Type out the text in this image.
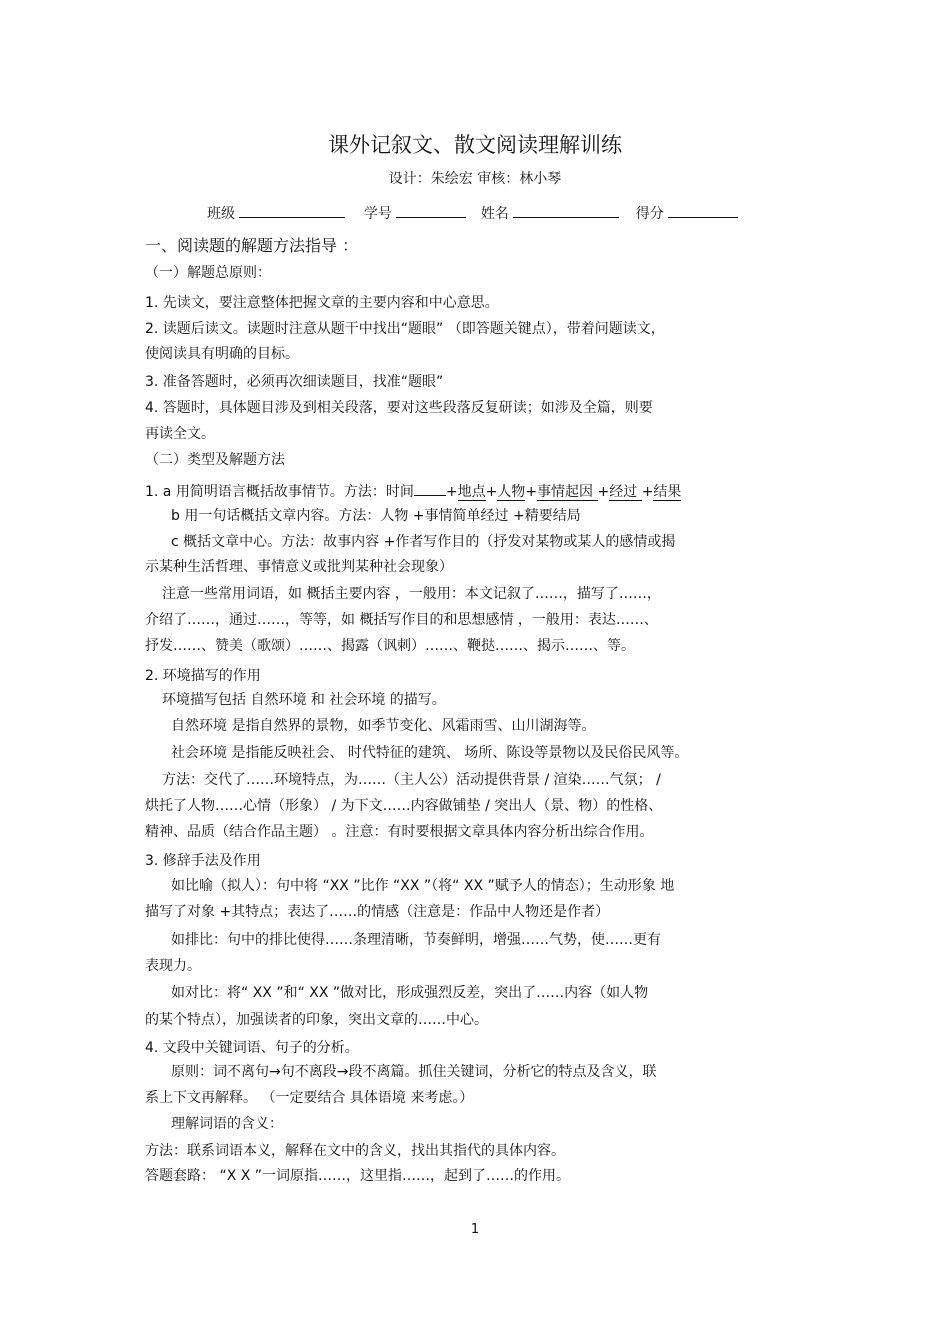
课外记叙文、散文阅读理解训练
设计：朱绘宏 审核：林小琴
班级	学号	姓名	得分
一、阅读题的解题方法指导 ：
（一）解题总原则：
1. 先读文，要注意整体把握文章的主要内容和中心意思。
2. 读题后读文。读题时注意从题干中找出“题眼” （即答题关键点），带着问题读文，
使阅读具有明确的目标。
3. 准备答题时，必须再次细读题目，找准“题眼”
4. 答题时，具体题目涉及到相关段落，要对这些段落反复研读；如涉及全篇，则要
再读全文。
（二）类型及解题方法
1. a 用简明语言概括故事情节。方法：时间 +地点+人物+事情起因 +经过 +结果
b 用一句话概括文章内容。方法：人物 +事情简单经过 +精要结局
c 概括文章中心。方法：故事内容 +作者写作目的（抒发对某物或某人的感情或揭
示某种生活哲理、事情意义或批判某种社会现象）
注意一些常用词语，如 概括主要内容 ，一般用：本文记叙了……，描写了……，
介绍了……，通过……，等等，如 概括写作目的和思想感情 ，一般用：表达……、
抒发……、赞美（歌颂）……、揭露（讽刺）……、鞭挞……、揭示……、等。
2. 环境描写的作用
环境描写包括 自然环境 和 社会环境 的描写。
自然环境 是指自然界的景物，如季节变化、风霜雨雪、山川湖海等。
社会环境 是指能反映社会、 时代特征的建筑、 场所、陈设等景物以及民俗民风等。
方法：交代了……环境特点，为……（主人公）活动提供背景 / 渲染……气氛； /
烘托了人物……心情（形象） / 为下文……内容做铺垫 / 突出人（景、物）的性格、
精神、品质（结合作品主题） 。注意：有时要根据文章具体内容分析出综合作用。
3. 修辞手法及作用
如比喻（拟人）：句中将 “XX ”比作 “XX ”（将“ XX ”赋予人的情态）；生动形象 地
描写了对象 +其特点；表达了……的情感（注意是：作品中人物还是作者）
如排比：句中的排比使得……条理清晰，节奏鲜明，增强……气势，使……更有
表现力。
如对比：将“ XX ”和“ XX ”做对比，形成强烈反差，突出了……内容（如人物
的某个特点），加强读者的印象，突出文章的……中心。
4. 文段中关键词语、句子的分析。
原则：词不离句→句不离段→段不离篇。抓住关键词，分析它的特点及含义，联
系上下文再解释。 （一定要结合 具体语境 来考虑。）
理解词语的含义：
方法：联系词语本义，解释在文中的含义，找出其指代的具体内容。
答题套路： “X X ”一词原指……，这里指……，起到了……的作用。
1
